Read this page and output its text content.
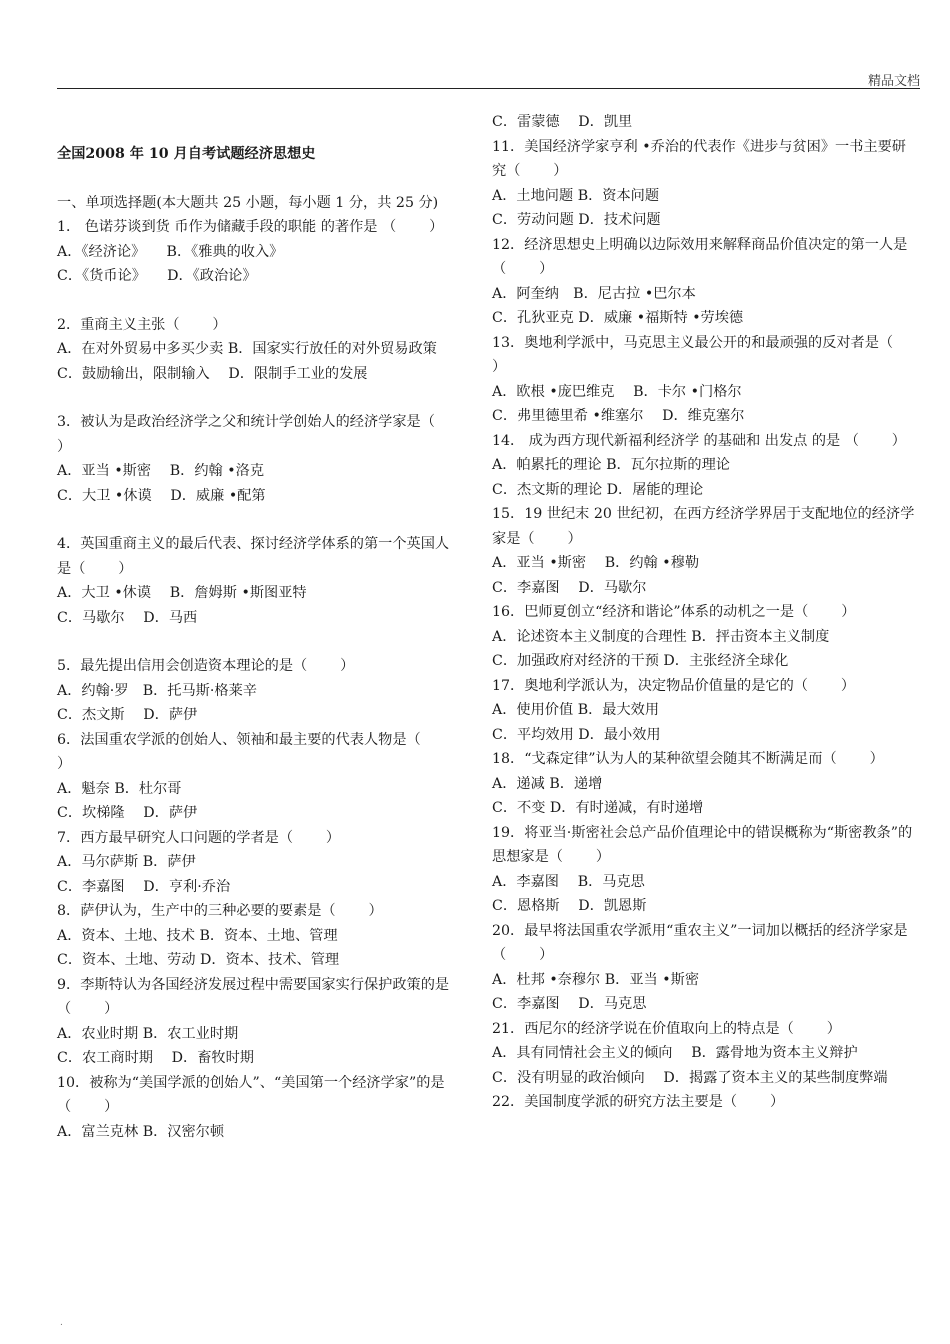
精品文档
全国2008 年 10 月自考试题经济思想史
一、单项选择题(本大题共 25 小题，每小题 1 分，共 25 分)
1． 色诺芬谈到货 币作为储藏手段的职能 的著作是 （　　 ）
A．《经济论》　　B．《雅典的收入》
C．《货币论》　　D．《政治论》
2．重商主义主张（　　 ）
A．在对外贸易中多买少卖 B．国家实行放任的对外贸易政策
C．鼓励输出，限制输入　 D．限制手工业的发展
3．被认为是政治经济学之父和统计学创始人的经济学家是（　　 ）
A．亚当 •斯密　 B．约翰 •洛克
C．大卫 •休谟　 D．威廉 •配第
4．英国重商主义的最后代表、探讨经济学体系的第一个英国人是（　　 ）
A．大卫 •休谟　 B．詹姆斯 •斯图亚特
C．马歇尔　 D．马西
5．最先提出信用会创造资本理论的是（　　 ）
A．约翰·罗　B．托马斯·格莱辛
C．杰文斯　 D．萨伊
6．法国重农学派的创始人、领袖和最主要的代表人物是（　　 ）
A．魁奈 B．杜尔哥
C．坎梯隆　 D．萨伊
7．西方最早研究人口问题的学者是（　　 ）
A．马尔萨斯 B．萨伊
C．李嘉图　 D．亨利·乔治
8．萨伊认为，生产中的三种必要的要素是（　　 ）
A．资本、土地、技术 B．资本、土地、管理
C．资本、土地、劳动 D．资本、技术、管理
9．李斯特认为各国经济发展过程中需要国家实行保护政策的是（　　 ）
A．农业时期 B．农工业时期
C．农工商时期　 D．畜牧时期
10．被称为“美国学派的创始人”、“美国第一个经济学家”的是（　　 ）
A．富兰克林 B．汉密尔顿
C．雷蒙德　 D．凯里
11．美国经济学家亨利 •乔治的代表作《进步与贫困》一书主要研究（　　 ）
A．土地问题 B．资本问题
C．劳动问题 D．技术问题
12．经济思想史上明确以边际效用来解释商品价值决定的第一人是（　　 ）
A．阿奎纳　B．尼古拉 •巴尔本
C．孔狄亚克 D．威廉 •福斯特 •劳埃德
13．奥地利学派中，马克思主义最公开的和最顽强的反对者是（　　 ）
A．欧根 •庞巴维克　 B．卡尔 •门格尔
C．弗里德里希 •维塞尔　 D．维克塞尔
14． 成为西方现代新福利经济学 的基础和 出发点 的是 （　　 ）
A．帕累托的理论 B．瓦尔拉斯的理论
C．杰文斯的理论 D．屠能的理论
15．19 世纪末 20 世纪初，在西方经济学界居于支配地位的经济学家是（　　 ）
A．亚当 •斯密　 B．约翰 •穆勒
C．李嘉图　 D．马歇尔
16．巴师夏创立“经济和谐论”体系的动机之一是（　　 ）
A．论述资本主义制度的合理性 B．抨击资本主义制度
C．加强政府对经济的干预 D．主张经济全球化
17．奥地利学派认为，决定物品价值量的是它的（　　 ）
A．使用价值 B．最大效用
C．平均效用 D．最小效用
18．“戈森定律”认为人的某种欲望会随其不断满足而（　　 ）
A．递减 B．递增
C．不变 D．有时递减，有时递增
19．将亚当·斯密社会总产品价值理论中的错误概称为“斯密教条”的思想家是（　　 ）
A．李嘉图　 B．马克思
C．恩格斯　 D．凯恩斯
20．最早将法国重农学派用“重农主义”一词加以概括的经济学家是（　　 ）
A．杜邦 •奈穆尔 B．亚当 •斯密
C．李嘉图　 D．马克思
21．西尼尔的经济学说在价值取向上的特点是（　　 ）
A．具有同情社会主义的倾向　 B．露骨地为资本主义辩护
C．没有明显的政治倾向　 D．揭露了资本主义的某些制度弊端
22．美国制度学派的研究方法主要是（　　 ）
.
